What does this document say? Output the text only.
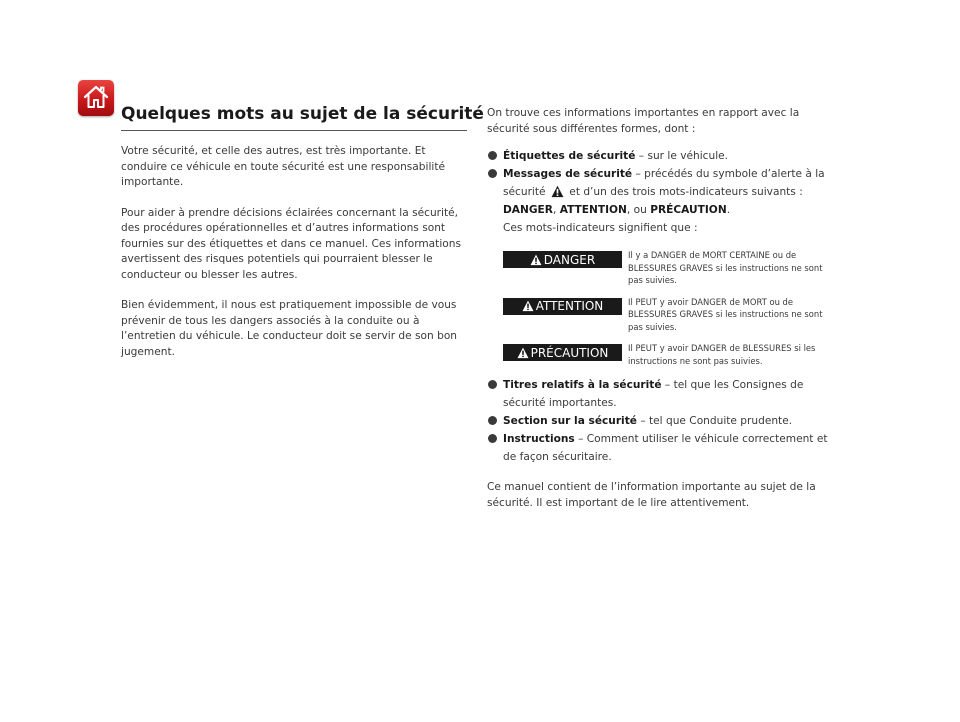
Quelques mots au sujet de la sécurité

Votre sécurité, et celle des autres, est très importante. Et conduire ce véhicule en toute sécurité est une responsabilité importante.

Pour aider à prendre décisions éclairées concernant la sécurité, des procédures opérationnelles et d’autres informations sont fournies sur des étiquettes et dans ce manuel. Ces informations avertissent des risques potentiels qui pourraient blesser le conducteur ou blesser les autres.

Bien évidemment, il nous est pratiquement impossible de vous prévenir de tous les dangers associés à la conduite ou à l’entretien du véhicule. Le conducteur doit se servir de son bon jugement.

On trouve ces informations importantes en rapport avec la sécurité sous différentes formes, dont :

Étiquettes de sécurité – sur le véhicule.
Messages de sécurité – précédés du symbole d’alerte à la
sécurité  et d’un des trois mots-indicateurs suivants :
DANGER, ATTENTION, ou PRÉCAUTION.
Ces mots-indicateurs signifient que :
DANGER	Il y a DANGER de MORT CERTAINE ou de BLESSURES GRAVES si les instructions ne sont pas suivies.
ATTENTION	Il PEUT y avoir DANGER de MORT ou de BLESSURES GRAVES si les instructions ne sont pas suivies.
PRÉCAUTION Il PEUT y avoir DANGER de BLESSURES si les instructions ne sont pas suivies.
Titres relatifs à la sécurité – tel que les Consignes de sécurité importantes.
Section sur la sécurité – tel que Conduite prudente.
Instructions – Comment utiliser le véhicule correctement et de façon sécuritaire.

Ce manuel contient de l’information importante au sujet de la sécurité. Il est important de le lire attentivement.
